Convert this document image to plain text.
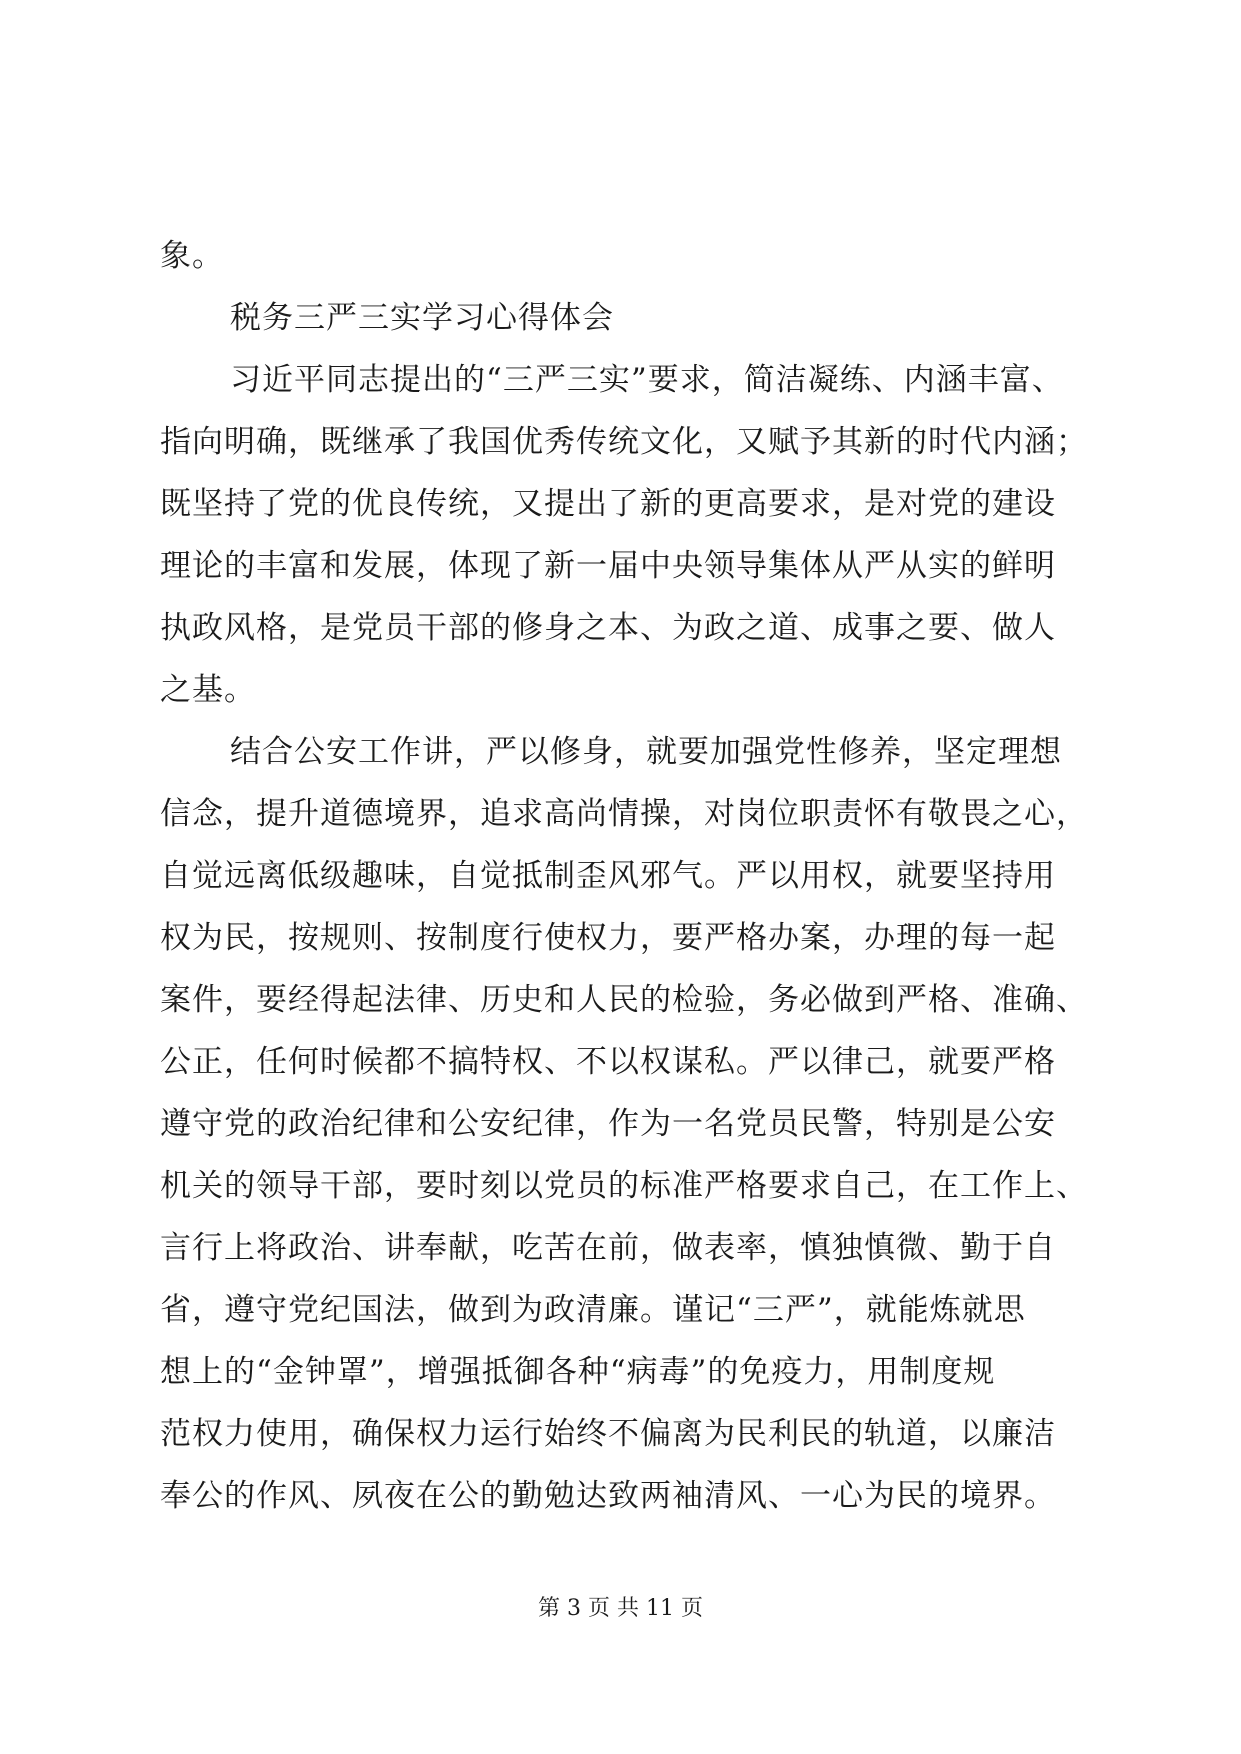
象。
税务三严三实学习心得体会
习近平同志提出的“三严三实”要求，简洁凝练、内涵丰富、
指向明确，既继承了我国优秀传统文化，又赋予其新的时代内涵；
既坚持了党的优良传统，又提出了新的更高要求，是对党的建设
理论的丰富和发展，体现了新一届中央领导集体从严从实的鲜明
执政风格，是党员干部的修身之本、为政之道、成事之要、做人
之基。
结合公安工作讲，严以修身，就要加强党性修养，坚定理想
信念，提升道德境界，追求高尚情操，对岗位职责怀有敬畏之心，
自觉远离低级趣味，自觉抵制歪风邪气。严以用权，就要坚持用
权为民，按规则、按制度行使权力，要严格办案，办理的每一起
案件，要经得起法律、历史和人民的检验，务必做到严格、准确、
公正，任何时候都不搞特权、不以权谋私。严以律己，就要严格
遵守党的政治纪律和公安纪律，作为一名党员民警，特别是公安
机关的领导干部，要时刻以党员的标准严格要求自己，在工作上、
言行上将政治、讲奉献，吃苦在前，做表率，慎独慎微、勤于自
省，遵守党纪国法，做到为政清廉。谨记“三严”，就能炼就思
想上的“金钟罩”，增强抵御各种“病毒”的免疫力，用制度规
范权力使用，确保权力运行始终不偏离为民利民的轨道，以廉洁
奉公的作风、夙夜在公的勤勉达致两袖清风、一心为民的境界。
第 3 页 共 11 页
